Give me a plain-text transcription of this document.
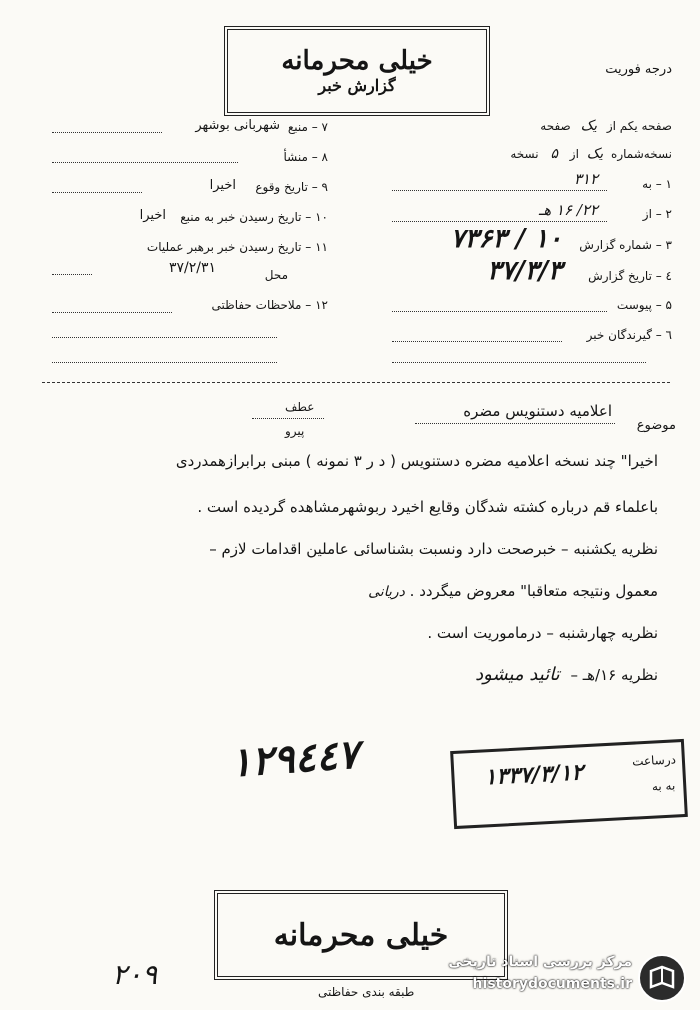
خیلی محرمانه
گزارش خبر
درجه فوریت
صفحه یکم از یک صفحه
نسخه‌شماره یک از ۵ نسخه
۱ – به
۳۱۲
۲ – از
۲۲/ ۱۶ هـ
۳ – شماره گزارش
۷۳۶۳ / ۱۰
٤ – تاریخ گزارش
۳۷/۳/۳
۵ – پیوست
٦ – گیرندگان خبر
۷ – منبع
شهربانی بوشهر
۸ – منشأ
۹ – تاریخ وقوع
اخیرا
۱۰ – تاریخ رسیدن خبر به منبع
اخیرا
۱۱ – تاریخ رسیدن خبر برهبر عملیات
محل
۳۷/۲/۳۱
۱۲ – ملاحظات حفاظتی
موضوع
اعلامیه دستنویس مضره
عطف
پیرو
اخیرا" چند نسخه اعلامیه مضره دستنویس ( د ر ۳ نمونه ) مبنی برابرازهمدردی
باعلماء قم درباره کشته شدگان وقایع اخیرد ربوشهرمشاهده گردیده است .
نظریه یکشنبه – خبرصحت دارد ونسبت بشناسائی عاملین اقدامات لازم –
معمول ونتیجه متعاقبا" معروض میگردد . دریانی
نظریه چهارشنبه – درماموریت است .
نظریه ۱۶/هـ – تائید میشود
۱۲۹٤٤۷	درساعت
به به
۱۳۳۷/۳/۱۲
خیلی محرمانه
۲۰۹
طبقه بندی حفاظتی
مرکز بررسی اسناد تاریخی
historydocuments.ir
